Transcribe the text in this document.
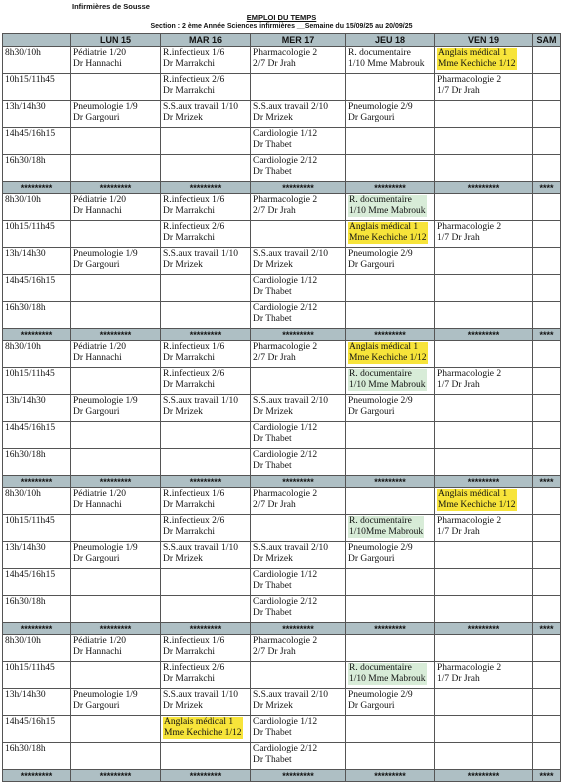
Infirmières de Sousse
EMPLOI DU TEMPS
Section : 2 ème Année Sciences infirmières __Semaine du 15/09/25 au 20/09/25
	LUN 15	MAR 16	MER 17	JEU 18	VEN 19	SAM
8h30/10h	Pédiatrie 1/20
Dr Hannachi	R.infectieux 1/6
Dr Marrakchi	Pharmacologie 2
2/7 Dr Jrah	R. documentaire
1/10 Mme Mabrouk	Anglais médical 1
Mme Kechiche 1/12	

10h15/11h45		R.infectieux 2/6
Dr Marrakchi			Pharmacologie 2
1/7 Dr Jrah	

13h/14h30	Pneumologie 1/9
Dr Gargouri	S.S.aux travail 1/10
Dr Mrizek	S.S.aux travail 2/10
Dr Mrizek	Pneumologie 2/9
Dr Gargouri		

14h45/16h15			Cardiologie 1/12
Dr Thabet			

16h30/18h			Cardiologie 2/12
Dr Thabet			

*********	*********	*********	*********	*********	*********	****
8h30/10h	Pédiatrie 1/20
Dr Hannachi	R.infectieux 1/6
Dr Marrakchi	Pharmacologie 2
2/7 Dr Jrah	R. documentaire
1/10 Mme Mabrouk		

10h15/11h45		R.infectieux 2/6
Dr Marrakchi		Anglais médical 1
Mme Kechiche 1/12	Pharmacologie 2
1/7 Dr Jrah	

13h/14h30	Pneumologie 1/9
Dr Gargouri	S.S.aux travail 1/10
Dr Mrizek	S.S.aux travail 2/10
Dr Mrizek	Pneumologie 2/9
Dr Gargouri		

14h45/16h15			Cardiologie 1/12
Dr Thabet			

16h30/18h			Cardiologie 2/12
Dr Thabet			

*********	*********	*********	*********	*********	*********	****
8h30/10h	Pédiatrie 1/20
Dr Hannachi	R.infectieux 1/6
Dr Marrakchi	Pharmacologie 2
2/7 Dr Jrah	Anglais médical 1
Mme Kechiche 1/12		

10h15/11h45		R.infectieux 2/6
Dr Marrakchi		R. documentaire
1/10 Mme Mabrouk	Pharmacologie 2
1/7 Dr Jrah	

13h/14h30	Pneumologie 1/9
Dr Gargouri	S.S.aux travail 1/10
Dr Mrizek	S.S.aux travail 2/10
Dr Mrizek	Pneumologie 2/9
Dr Gargouri		

14h45/16h15			Cardiologie 1/12
Dr Thabet			

16h30/18h			Cardiologie 2/12
Dr Thabet			

*********	*********	*********	*********	*********	*********	****
8h30/10h	Pédiatrie 1/20
Dr Hannachi	R.infectieux 1/6
Dr Marrakchi	Pharmacologie 2
2/7 Dr Jrah		Anglais médical 1
Mme Kechiche 1/12	

10h15/11h45		R.infectieux 2/6
Dr Marrakchi		R. documentaire
1/10Mme Mabrouk	Pharmacologie 2
1/7 Dr Jrah	

13h/14h30	Pneumologie 1/9
Dr Gargouri	S.S.aux travail 1/10
Dr Mrizek	S.S.aux travail 2/10
Dr Mrizek	Pneumologie 2/9
Dr Gargouri		

14h45/16h15			Cardiologie 1/12
Dr Thabet			

16h30/18h			Cardiologie 2/12
Dr Thabet			

*********	*********	*********	*********	*********	*********	****
8h30/10h	Pédiatrie 1/20
Dr Hannachi	R.infectieux 1/6
Dr Marrakchi	Pharmacologie 2
2/7 Dr Jrah			

10h15/11h45		R.infectieux 2/6
Dr Marrakchi		R. documentaire
1/10 Mme Mabrouk	Pharmacologie 2
1/7 Dr Jrah	

13h/14h30	Pneumologie 1/9
Dr Gargouri	S.S.aux travail 1/10
Dr Mrizek	S.S.aux travail 2/10
Dr Mrizek	Pneumologie 2/9
Dr Gargouri		

14h45/16h15		Anglais médical 1
Mme Kechiche 1/12	Cardiologie 1/12
Dr Thabet			

16h30/18h			Cardiologie 2/12
Dr Thabet			

*********	*********	*********	*********	*********	*********	****
